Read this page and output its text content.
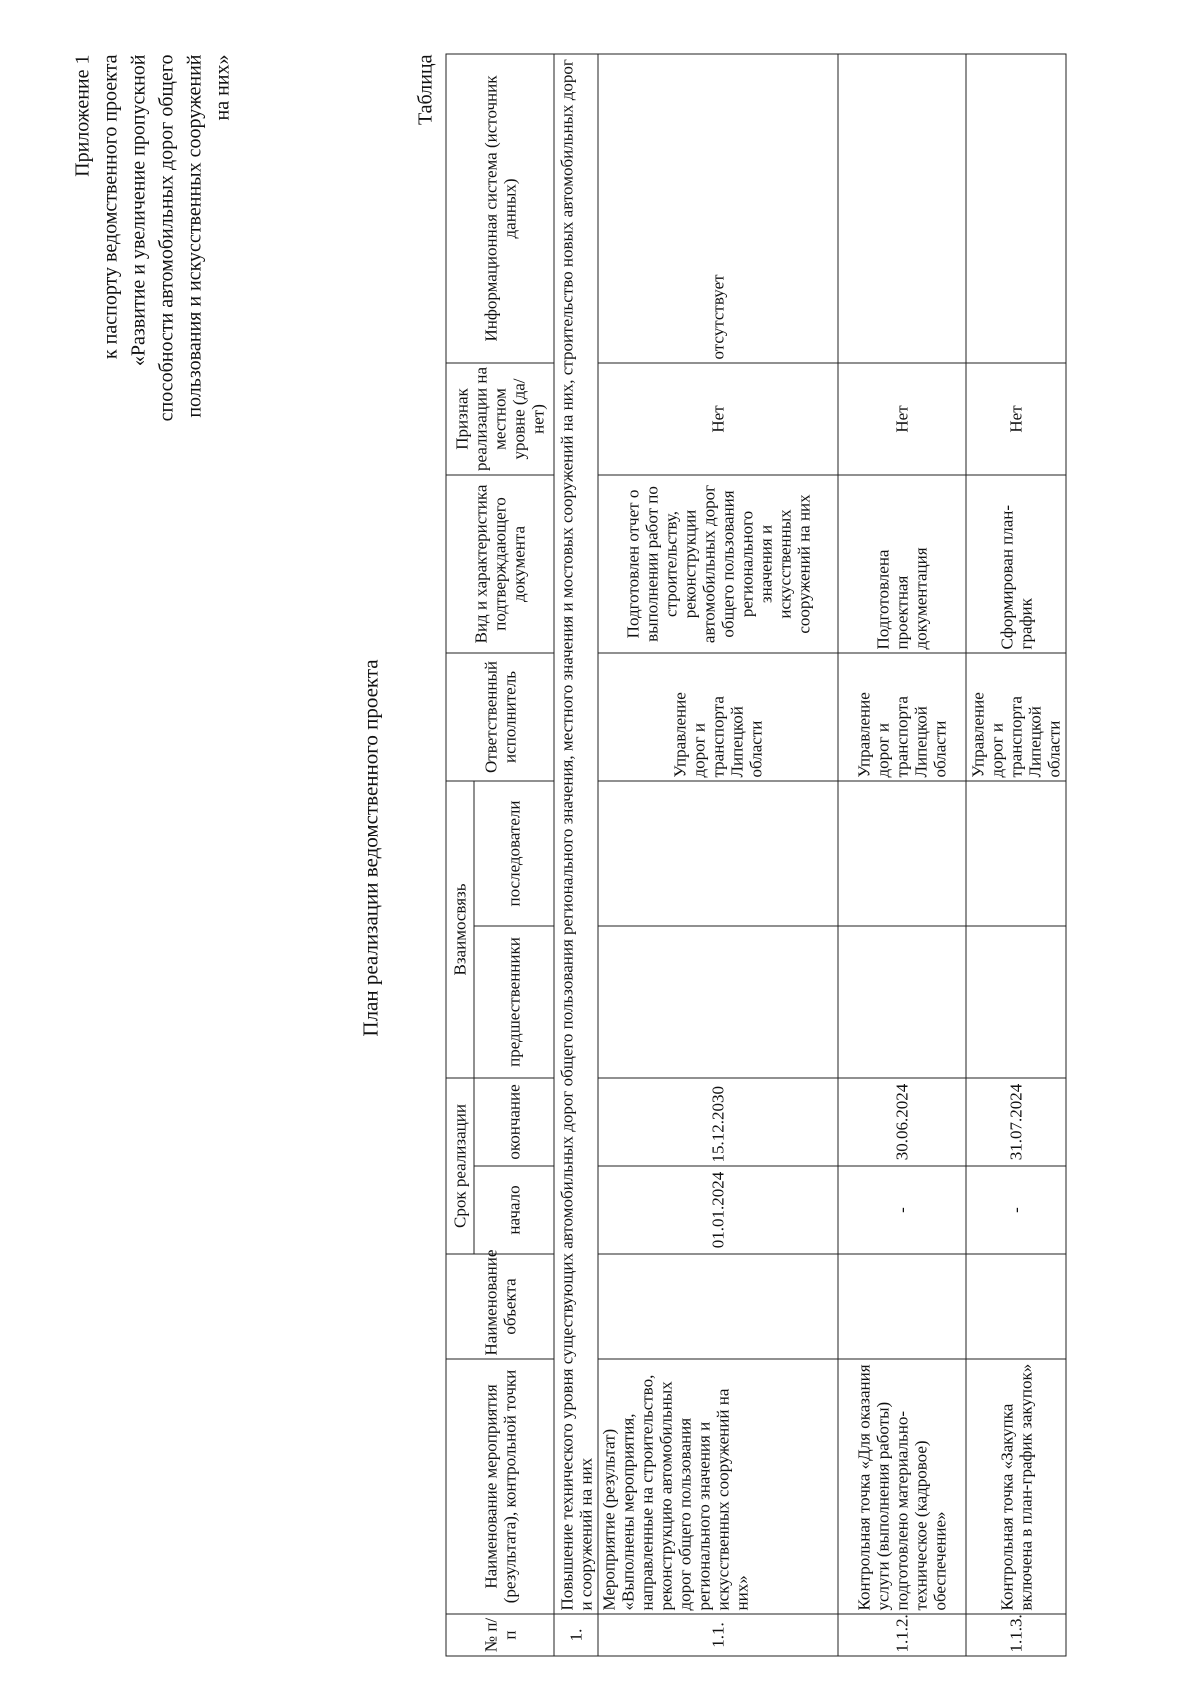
Приложение 1 к паспорту ведомственного проекта «Развитие и увеличение пропускной способности автомобильных дорог общего пользования и искусственных сооружений на них»
План реализации ведомственного проекта
Таблица
№ п/п	Наименование мероприятия (результата), контрольной точки	Наименование объекта	Срок реализации		Взаимосвязь		Ответственный исполнитель	Вид и характеристика подтверждающего документа	Признак реализации на местном уровне (да/нет)	Информационная система (источник данных)
			начало	окончание	предшественники	последователи				
1.	Повышение технического уровня существующих автомобильных дорог общего пользования регионального значения, местного значения и мостовых сооружений на них, строительство новых автомобильных дорог и сооружений на них									
1.1.	Мероприятие (результат) «Выполнены мероприятия, направленные на строительство, реконструкцию автомобильных дорог общего пользования регионального значения и искусственных сооружений на них»		01.01.2024	15.12.2030			Управление дорог и транспорта Липецкой области	Подготовлен отчет о выполнении работ по строительству, реконструкции автомобильных дорог общего пользования регионального значения и искусственных сооружений на них	Нет	отсутствует
1.1.2.	Контрольная точка «Для оказания услуги (выполнения работы) подготовлено материально-техническое (кадровое) обеспечение»		-	30.06.2024			Управление дорог и транспорта Липецкой области	Подготовлена проектная документация	Нет	
1.1.3.	Контрольная точка «Закупка включена в план-график закупок»		-	31.07.2024			Управление дорог и транспорта Липецкой области	Сформирован план-график	Нет	
